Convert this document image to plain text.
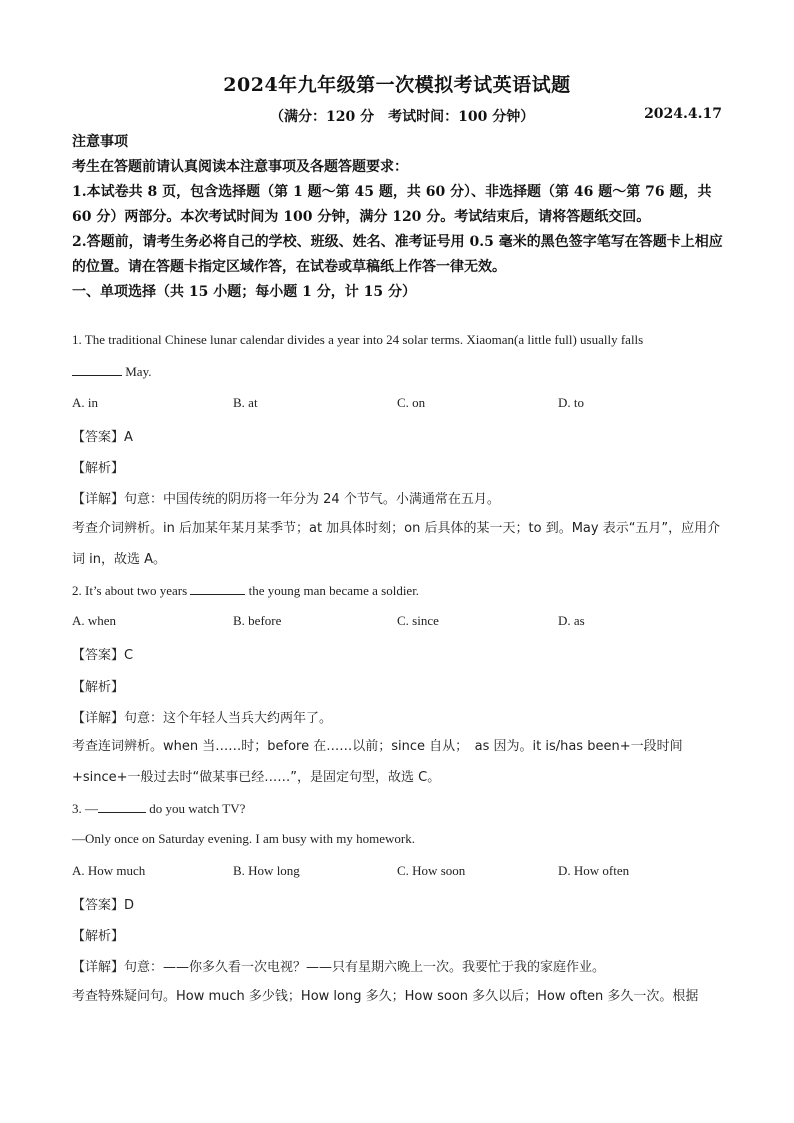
2024年九年级第一次模拟考试英语试题
（满分：120 分　考试时间：100 分钟）	2024.4.17

注意事项

考生在答题前请认真阅读本注意事项及各题答题要求：

1.本试卷共 8 页，包含选择题（第 1 题～第 45 题，共 60 分）、非选择题（第 46 题～第 76 题，共 60 分）两部分。本次考试时间为 100 分钟，满分 120 分。考试结束后，请将答题纸交回。

2.答题前，请考生务必将自己的学校、班级、姓名、准考证号用 0.5 毫米的黑色签字笔写在答题卡上相应的位置。请在答题卡指定区域作答，在试卷或草稿纸上作答一律无效。

一、单项选择（共 15 小题；每小题 1 分，计 15 分）

1. The traditional Chinese lunar calendar divides a year into 24 solar terms. Xiaoman(a little full) usually falls
May.
A. in	B. at	C. on	D. to
【答案】A
【解析】
【详解】句意：中国传统的阴历将一年分为 24 个节气。小满通常在五月。
考查介词辨析。in 后加某年某月某季节；at 加具体时刻；on 后具体的某一天；to 到。May 表示“五月”，应用介词 in，故选 A。
2. It’s about two years	the young man became a soldier.
A. when	B. before	C. since	D. as
【答案】C
【解析】
【详解】句意：这个年轻人当兵大约两年了。
考查连词辨析。when 当……时；before 在……以前；since 自从；　as 因为。it is/has been+一段时间+since+一般过去时“做某事已经……”，是固定句型，故选 C。
3. —	do you watch TV?
—Only once on Saturday evening. I am busy with my homework.
A. How much	B. How long	C. How soon	D. How often
【答案】D
【解析】
【详解】句意：——你多久看一次电视？——只有星期六晚上一次。我要忙于我的家庭作业。
考查特殊疑问句。How much 多少钱；How long 多久；How soon 多久以后；How often 多久一次。根据
